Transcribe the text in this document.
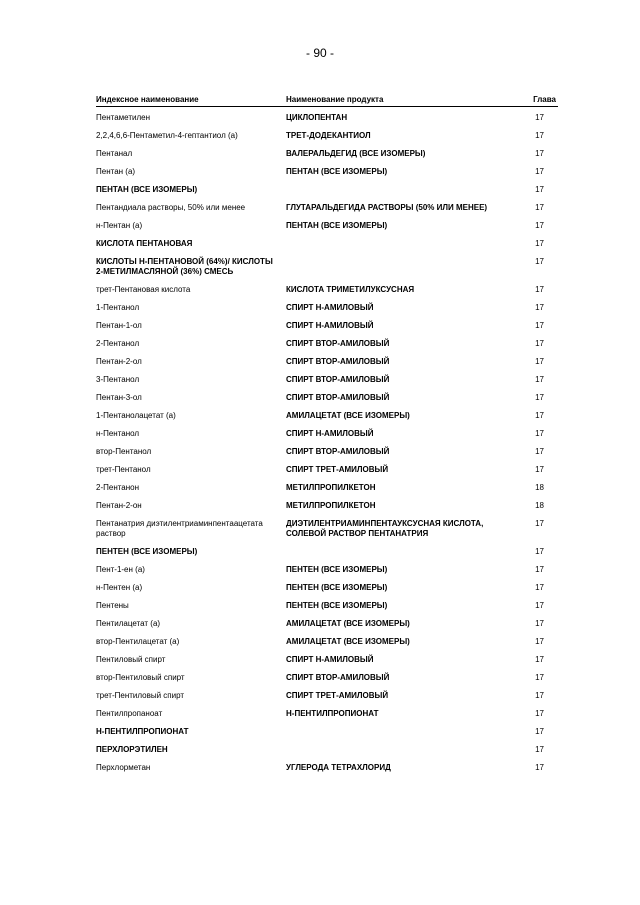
- 90 -
Индексное наименование	Наименование продукта	Глава
Пентаметилен	ЦИКЛОПЕНТАН	17
2,2,4,6,6-Пентаметил-4-гептантиол (а)	ТРЕТ-ДОДЕКАНТИОЛ	17
Пентанал	ВАЛЕРАЛЬДЕГИД (ВСЕ ИЗОМЕРЫ)	17
Пентан (а)	ПЕНТАН (ВСЕ ИЗОМЕРЫ)	17
ПЕНТАН (ВСЕ ИЗОМЕРЫ)		17
Пентандиала растворы, 50% или менее	ГЛУТАРАЛЬДЕГИДА РАСТВОРЫ (50% ИЛИ МЕНЕЕ)	17
н-Пентан (а)	ПЕНТАН (ВСЕ ИЗОМЕРЫ)	17
КИСЛОТА ПЕНТАНОВАЯ		17
КИСЛОТЫ Н-ПЕНТАНОВОЙ (64%)/ КИСЛОТЫ 2-МЕТИЛМАСЛЯНОЙ (36%) СМЕСЬ		17
трет-Пентановая кислота	КИСЛОТА ТРИМЕТИЛУКСУСНАЯ	17
1-Пентанол	СПИРТ Н-АМИЛОВЫЙ	17
Пентан-1-ол	СПИРТ Н-АМИЛОВЫЙ	17
2-Пентанол	СПИРТ ВТОР-АМИЛОВЫЙ	17
Пентан-2-ол	СПИРТ ВТОР-АМИЛОВЫЙ	17
3-Пентанол	СПИРТ ВТОР-АМИЛОВЫЙ	17
Пентан-3-ол	СПИРТ ВТОР-АМИЛОВЫЙ	17
1-Пентанолацетат (а)	АМИЛАЦЕТАТ (ВСЕ ИЗОМЕРЫ)	17
н-Пентанол	СПИРТ Н-АМИЛОВЫЙ	17
втор-Пентанол	СПИРТ ВТОР-АМИЛОВЫЙ	17
трет-Пентанол	СПИРТ ТРЕТ-АМИЛОВЫЙ	17
2-Пентанон	МЕТИЛПРОПИЛКЕТОН	18
Пентан-2-он	МЕТИЛПРОПИЛКЕТОН	18
Пентанатрия диэтилентриаминпентаацетата раствор	ДИЭТИЛЕНТРИАМИНПЕНТАУКСУСНАЯ КИСЛОТА, СОЛЕВОЙ РАСТВОР ПЕНТАНАТРИЯ	17
ПЕНТЕН (ВСЕ ИЗОМЕРЫ)		17
Пент-1-ен (а)	ПЕНТЕН (ВСЕ ИЗОМЕРЫ)	17
н-Пентен (а)	ПЕНТЕН (ВСЕ ИЗОМЕРЫ)	17
Пентены	ПЕНТЕН (ВСЕ ИЗОМЕРЫ)	17
Пентилацетат (а)	АМИЛАЦЕТАТ (ВСЕ ИЗОМЕРЫ)	17
втор-Пентилацетат (а)	АМИЛАЦЕТАТ (ВСЕ ИЗОМЕРЫ)	17
Пентиловый спирт	СПИРТ Н-АМИЛОВЫЙ	17
втор-Пентиловый спирт	СПИРТ ВТОР-АМИЛОВЫЙ	17
трет-Пентиловый спирт	СПИРТ ТРЕТ-АМИЛОВЫЙ	17
Пентилпропаноат	Н-ПЕНТИЛПРОПИОНАТ	17
Н-ПЕНТИЛПРОПИОНАТ		17
ПЕРХЛОРЭТИЛЕН		17
Перхлорметан	УГЛЕРОДА ТЕТРАХЛОРИД	17
